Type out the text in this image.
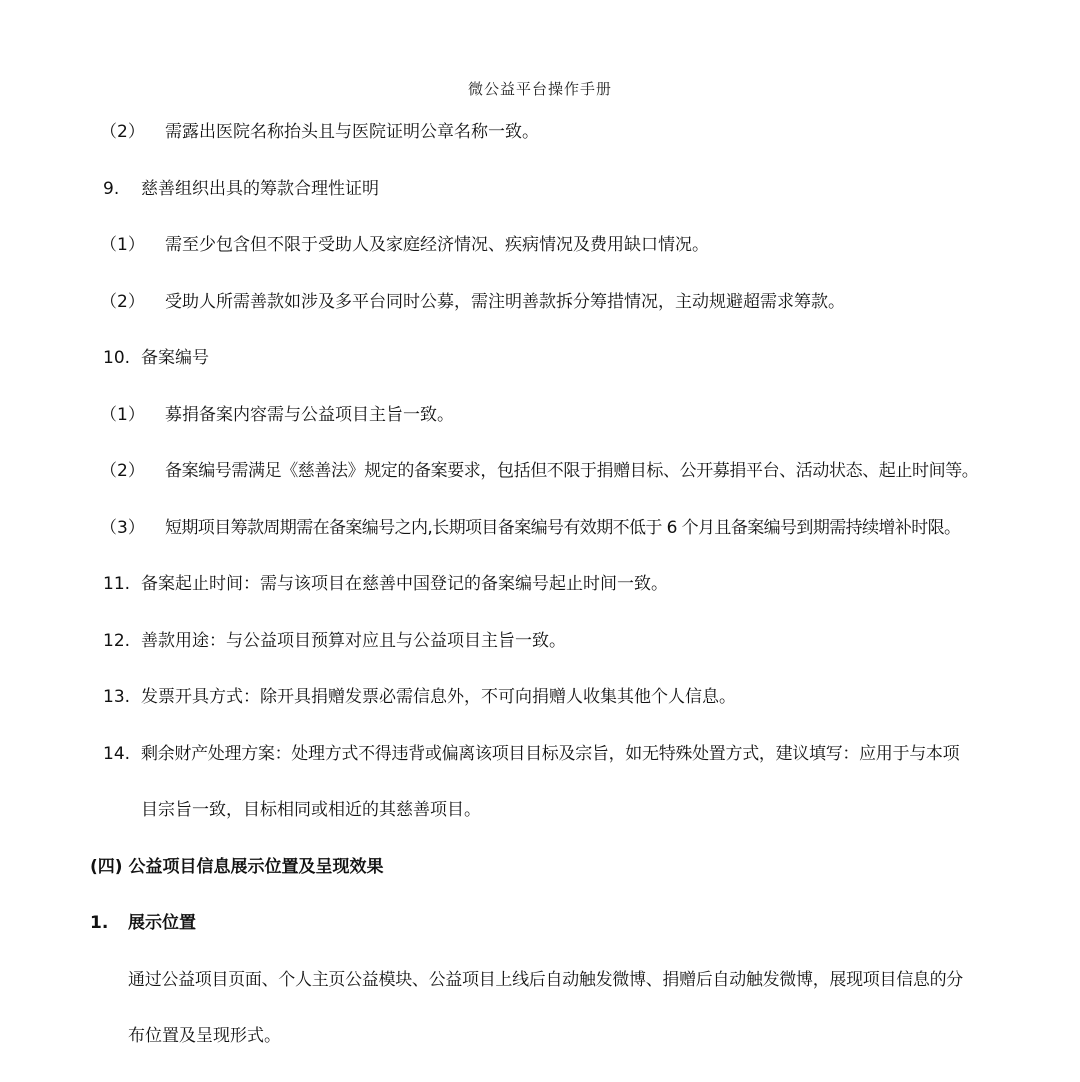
微公益平台操作手册
（2） 需露出医院名称抬头且与医院证明公章名称一致。
9. 慈善组织出具的筹款合理性证明
（1） 需至少包含但不限于受助人及家庭经济情况、疾病情况及费用缺口情况。
（2） 受助人所需善款如涉及多平台同时公募，需注明善款拆分筹措情况，主动规避超需求筹款。
10. 备案编号
（1） 募捐备案内容需与公益项目主旨一致。
（2） 备案编号需满足《慈善法》规定的备案要求，包括但不限于捐赠目标、公开募捐平台、活动状态、起止时间等。
（3） 短期项目筹款周期需在备案编号之内,长期项目备案编号有效期不低于 6 个月且备案编号到期需持续增补时限。
11. 备案起止时间：需与该项目在慈善中国登记的备案编号起止时间一致。
12. 善款用途：与公益项目预算对应且与公益项目主旨一致。
13. 发票开具方式：除开具捐赠发票必需信息外，不可向捐赠人收集其他个人信息。
14. 剩余财产处理方案：处理方式不得违背或偏离该项目目标及宗旨，如无特殊处置方式，建议填写：应用于与本项
目宗旨一致，目标相同或相近的其慈善项目。
(四) 公益项目信息展示位置及呈现效果
1. 展示位置
通过公益项目页面、个人主页公益模块、公益项目上线后自动触发微博、捐赠后自动触发微博，展现项目信息的分
布位置及呈现形式。
